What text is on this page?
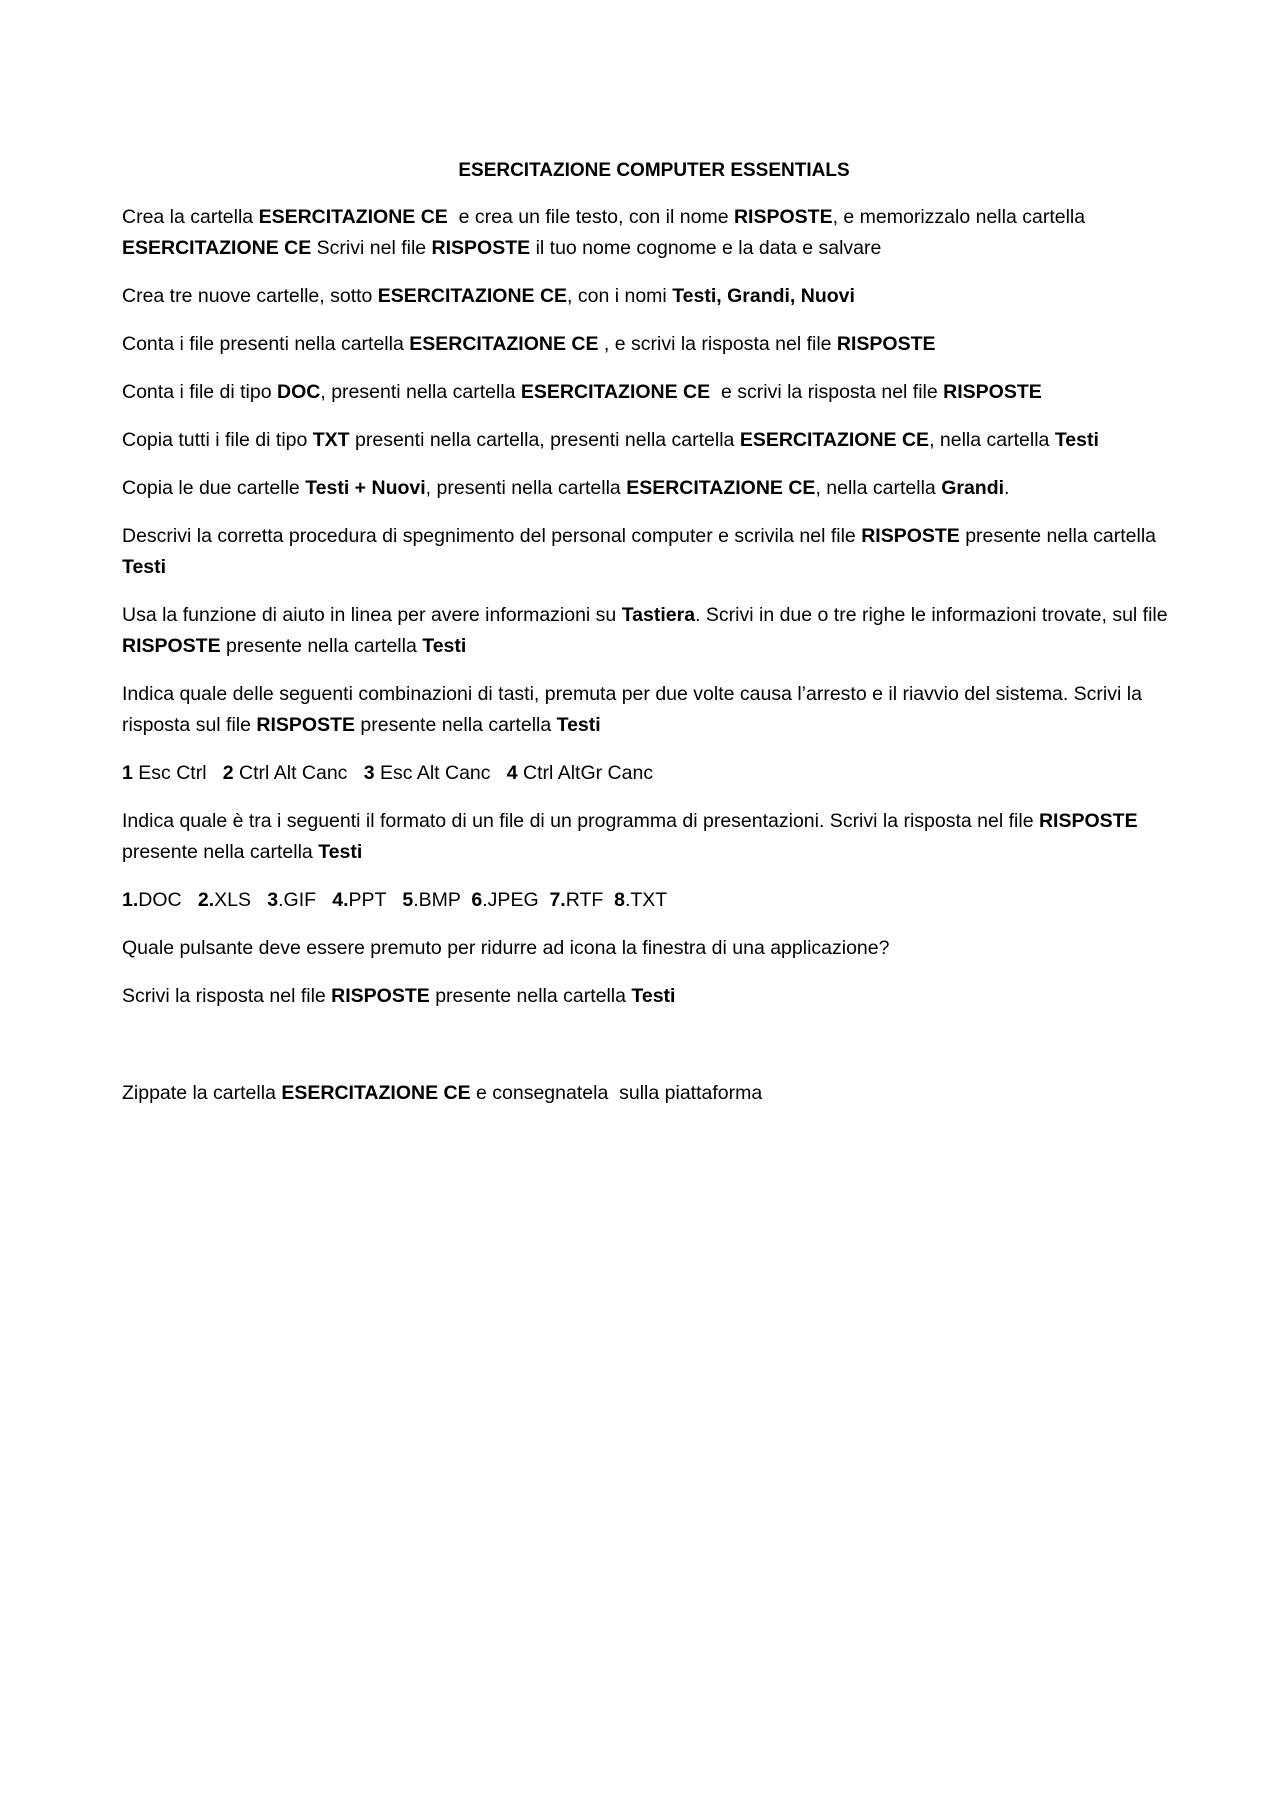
ESERCITAZIONE COMPUTER ESSENTIALS
Crea la cartella ESERCITAZIONE CE  e crea un file testo, con il nome RISPOSTE, e memorizzalo nella cartella ESERCITAZIONE CE Scrivi nel file RISPOSTE il tuo nome cognome e la data e salvare
Crea tre nuove cartelle, sotto ESERCITAZIONE CE, con i nomi Testi, Grandi, Nuovi
Conta i file presenti nella cartella ESERCITAZIONE CE , e scrivi la risposta nel file RISPOSTE
Conta i file di tipo DOC, presenti nella cartella ESERCITAZIONE CE  e scrivi la risposta nel file RISPOSTE
Copia tutti i file di tipo TXT presenti nella cartella, presenti nella cartella ESERCITAZIONE CE, nella cartella Testi
Copia le due cartelle Testi + Nuovi, presenti nella cartella ESERCITAZIONE CE, nella cartella Grandi.
Descrivi la corretta procedura di spegnimento del personal computer e scrivila nel file RISPOSTE presente nella cartella Testi
Usa la funzione di aiuto in linea per avere informazioni su Tastiera. Scrivi in due o tre righe le informazioni trovate, sul file RISPOSTE presente nella cartella Testi
Indica quale delle seguenti combinazioni di tasti, premuta per due volte causa l’arresto e il riavvio del sistema. Scrivi la risposta sul file RISPOSTE presente nella cartella Testi
1 Esc Ctrl   2 Ctrl Alt Canc   3 Esc Alt Canc   4 Ctrl AltGr Canc
Indica quale è tra i seguenti il formato di un file di un programma di presentazioni. Scrivi la risposta nel file RISPOSTE presente nella cartella Testi
1.DOC   2.XLS   3.GIF   4.PPT   5.BMP  6.JPEG  7.RTF  8.TXT
Quale pulsante deve essere premuto per ridurre ad icona la finestra di una applicazione?
Scrivi la risposta nel file RISPOSTE presente nella cartella Testi
Zippate la cartella ESERCITAZIONE CE e consegnatela  sulla piattaforma
